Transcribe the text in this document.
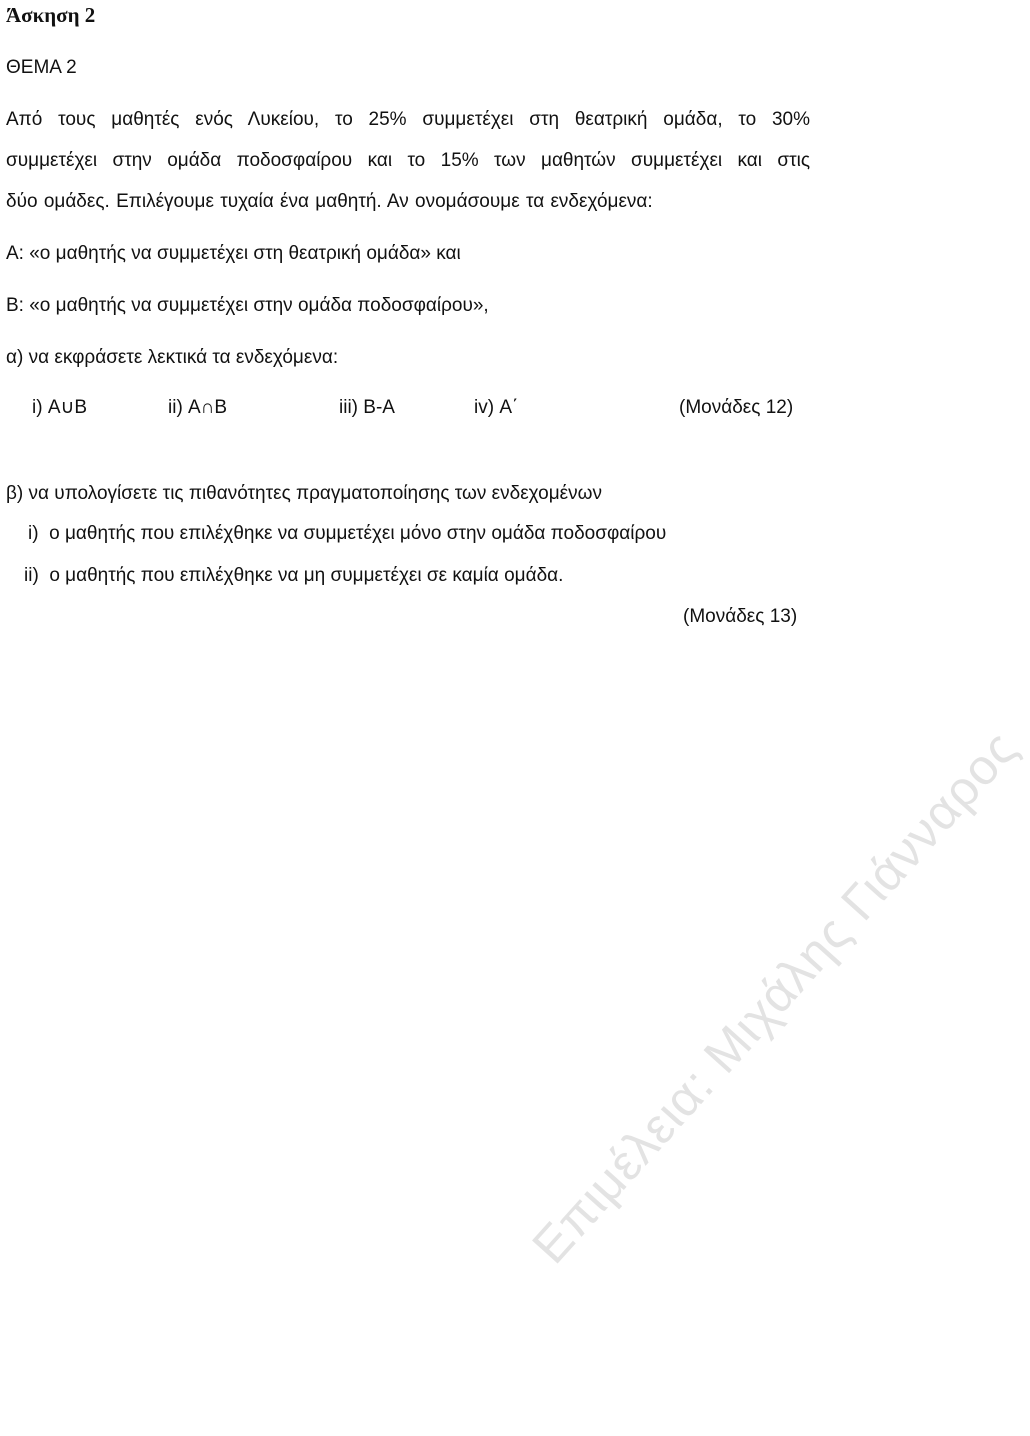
Άσκηση 2
ΘΕΜΑ 2
Από τους μαθητές ενός Λυκείου, το 25% συμμετέχει στη θεατρική ομάδα, το 30%
συμμετέχει στην ομάδα ποδοσφαίρου και το 15% των μαθητών συμμετέχει και στις
δύο ομάδες. Επιλέγουμε τυχαία ένα μαθητή. Αν ονομάσουμε τα ενδεχόμενα:
Α: «ο μαθητής να συμμετέχει στη θεατρική ομάδα» και
Β: «ο μαθητής να συμμετέχει στην ομάδα ποδοσφαίρου»,
α) να εκφράσετε λεκτικά τα ενδεχόμενα:
i) Α∪Β	ii) Α∩Β	iii) Β-Α	iv) Α΄	(Μονάδες 12)
β) να υπολογίσετε τις πιθανότητες πραγματοποίησης των ενδεχομένων
i)  ο μαθητής που επιλέχθηκε να συμμετέχει μόνο στην ομάδα ποδοσφαίρου
ii)  ο μαθητής που επιλέχθηκε να μη συμμετέχει σε καμία ομάδα.
(Μονάδες 13)
Επιμέλεια: Μιχάλης Γιάνναρος
